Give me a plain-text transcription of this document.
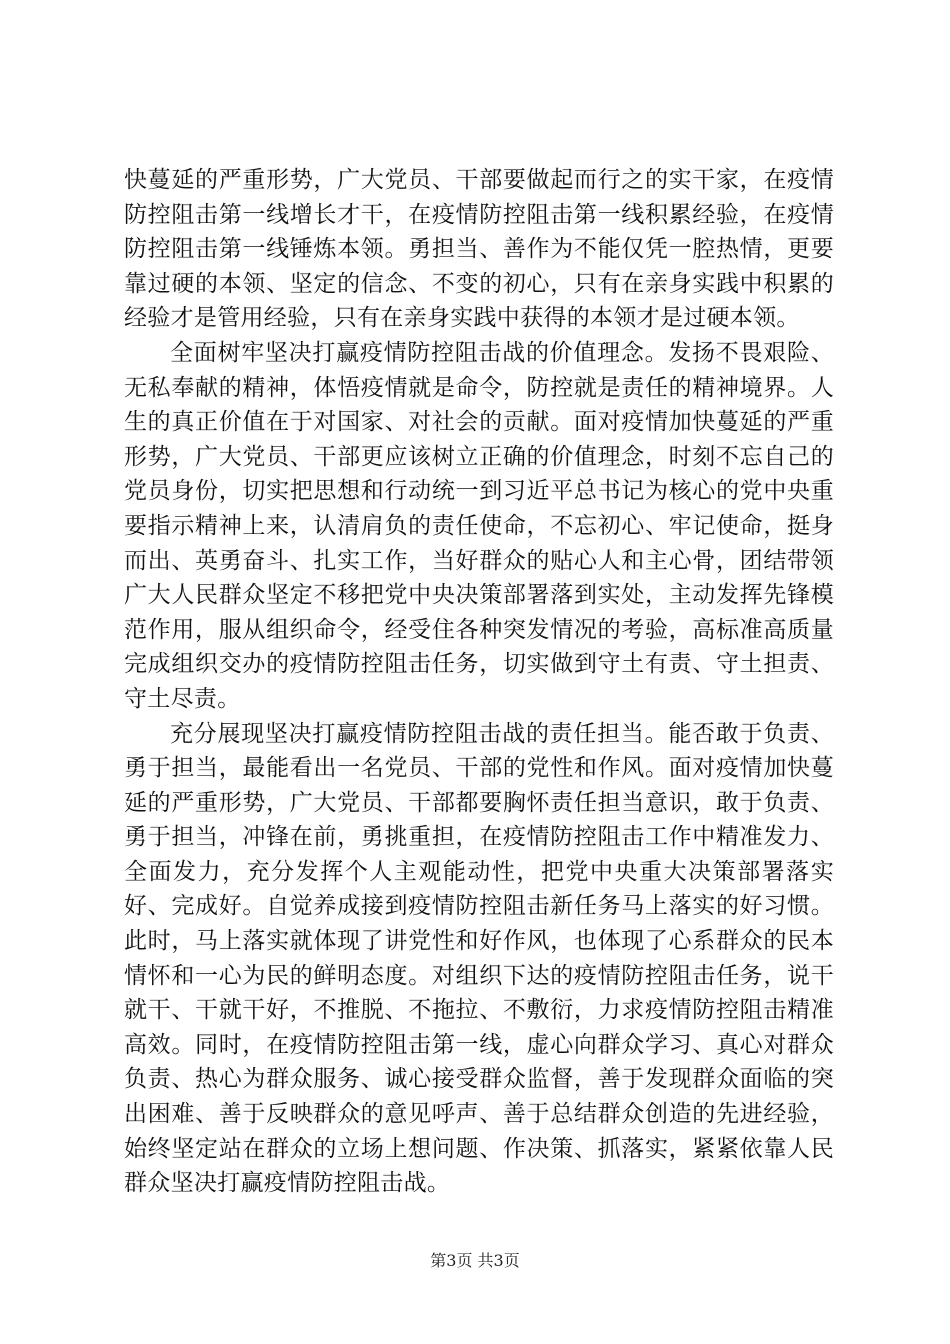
快蔓延的严重形势，广大党员、干部要做起而行之的实干家，在疫情防控阻击第一线增长才干，在疫情防控阻击第一线积累经验，在疫情防控阻击第一线锤炼本领。勇担当、善作为不能仅凭一腔热情，更要靠过硬的本领、坚定的信念、不变的初心，只有在亲身实践中积累的经验才是管用经验，只有在亲身实践中获得的本领才是过硬本领。

全面树牢坚决打赢疫情防控阻击战的价值理念。发扬不畏艰险、无私奉献的精神，体悟疫情就是命令，防控就是责任的精神境界。人生的真正价值在于对国家、对社会的贡献。面对疫情加快蔓延的严重形势，广大党员、干部更应该树立正确的价值理念，时刻不忘自己的党员身份，切实把思想和行动统一到习近平总书记为核心的党中央重要指示精神上来，认清肩负的责任使命，不忘初心、牢记使命，挺身而出、英勇奋斗、扎实工作，当好群众的贴心人和主心骨，团结带领广大人民群众坚定不移把党中央决策部署落到实处，主动发挥先锋模范作用，服从组织命令，经受住各种突发情况的考验，高标准高质量完成组织交办的疫情防控阻击任务，切实做到守土有责、守土担责、守土尽责。

充分展现坚决打赢疫情防控阻击战的责任担当。能否敢于负责、勇于担当，最能看出一名党员、干部的党性和作风。面对疫情加快蔓延的严重形势，广大党员、干部都要胸怀责任担当意识，敢于负责、勇于担当，冲锋在前，勇挑重担，在疫情防控阻击工作中精准发力、全面发力，充分发挥个人主观能动性，把党中央重大决策部署落实好、完成好。自觉养成接到疫情防控阻击新任务马上落实的好习惯。此时，马上落实就体现了讲党性和好作风，也体现了心系群众的民本情怀和一心为民的鲜明态度。对组织下达的疫情防控阻击任务，说干就干、干就干好，不推脱、不拖拉、不敷衍，力求疫情防控阻击精准高效。同时，在疫情防控阻击第一线，虚心向群众学习、真心对群众负责、热心为群众服务、诚心接受群众监督，善于发现群众面临的突出困难、善于反映群众的意见呼声、善于总结群众创造的先进经验，始终坚定站在群众的立场上想问题、作决策、抓落实，紧紧依靠人民群众坚决打赢疫情防控阻击战。

第3页 共3页
